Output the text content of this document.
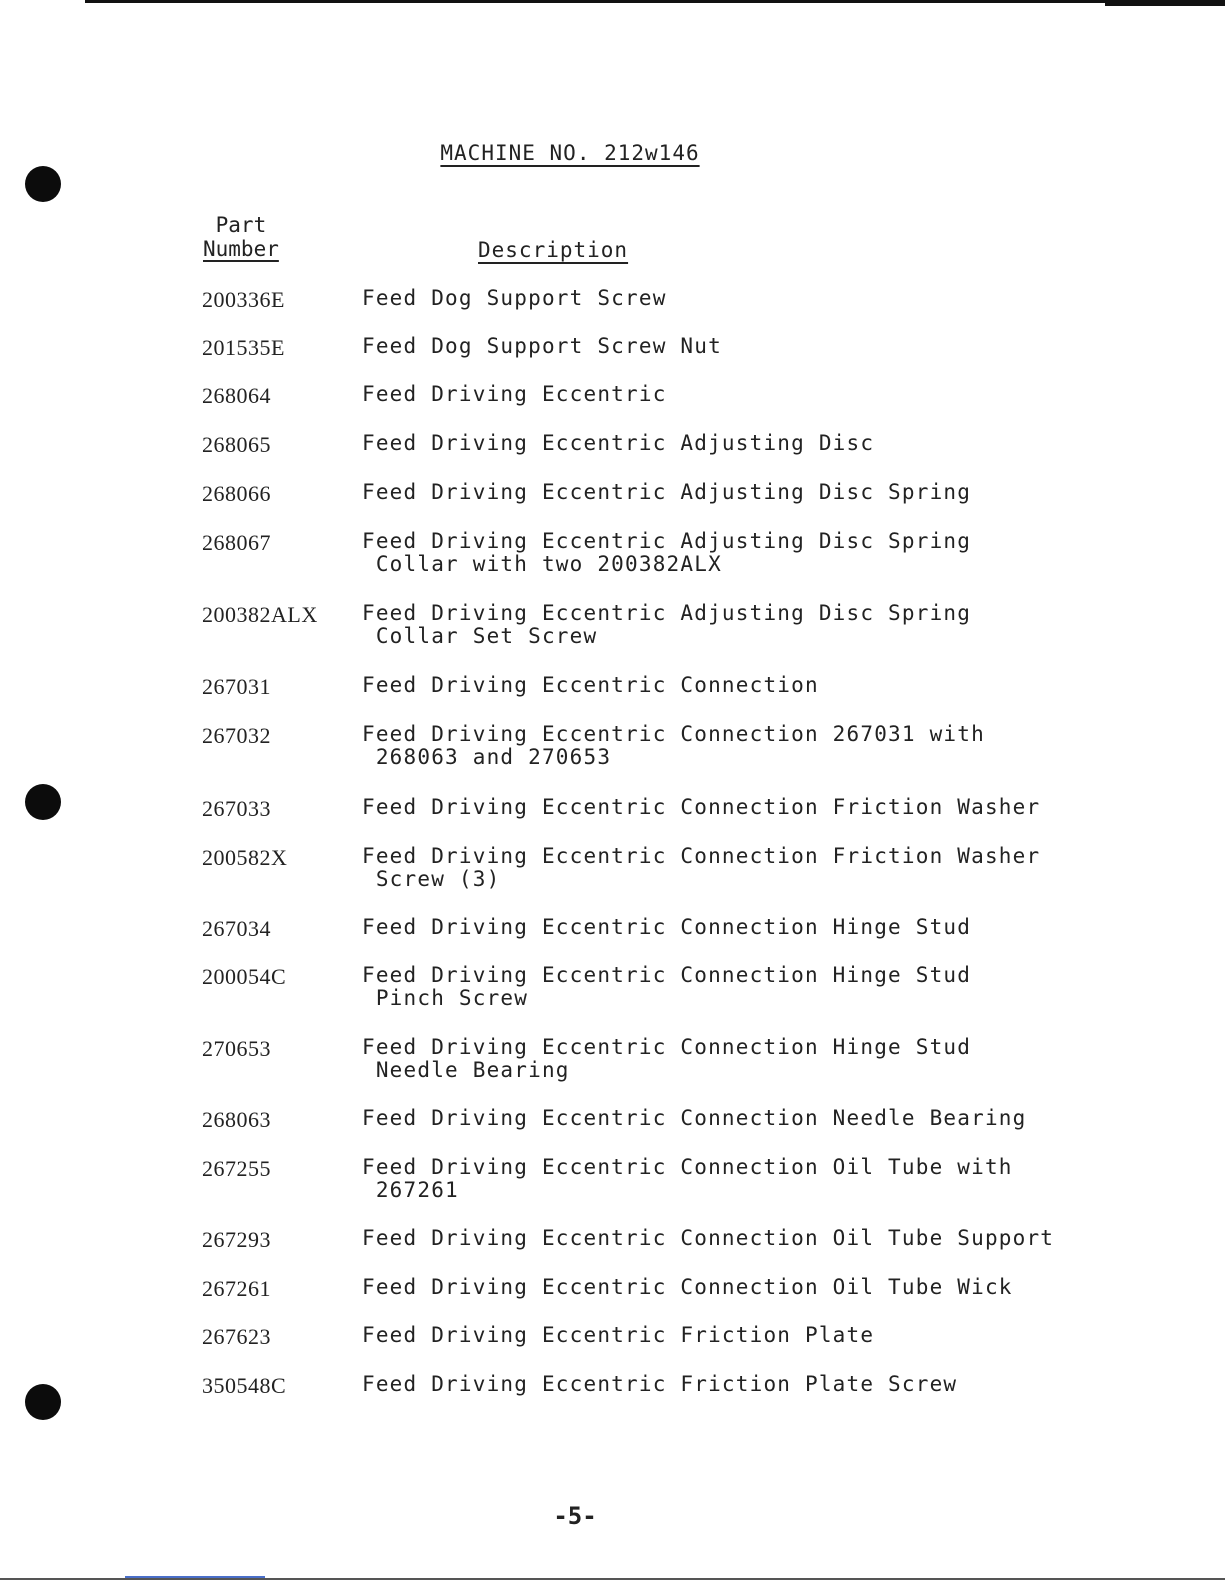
MACHINE NO. 212w146
Part
Number	Description
200336E	Feed Dog Support Screw
201535E	Feed Dog Support Screw Nut
268064	Feed Driving Eccentric
268065	Feed Driving Eccentric Adjusting Disc
268066	Feed Driving Eccentric Adjusting Disc Spring
268067	Feed Driving Eccentric Adjusting Disc Spring
Collar with two 200382ALX
200382ALX Feed Driving Eccentric Adjusting Disc Spring
Collar Set Screw
267031	Feed Driving Eccentric Connection
267032	Feed Driving Eccentric Connection 267031 with
268063 and 270653
267033	Feed Driving Eccentric Connection Friction Washer
200582X	Feed Driving Eccentric Connection Friction Washer
Screw (3)
267034	Feed Driving Eccentric Connection Hinge Stud
200054C	Feed Driving Eccentric Connection Hinge Stud
Pinch Screw
270653	Feed Driving Eccentric Connection Hinge Stud
Needle Bearing
268063	Feed Driving Eccentric Connection Needle Bearing
267255	Feed Driving Eccentric Connection Oil Tube with
267261
267293	Feed Driving Eccentric Connection Oil Tube Support
267261	Feed Driving Eccentric Connection Oil Tube Wick
267623	Feed Driving Eccentric Friction Plate
350548C	Feed Driving Eccentric Friction Plate Screw
-5-
